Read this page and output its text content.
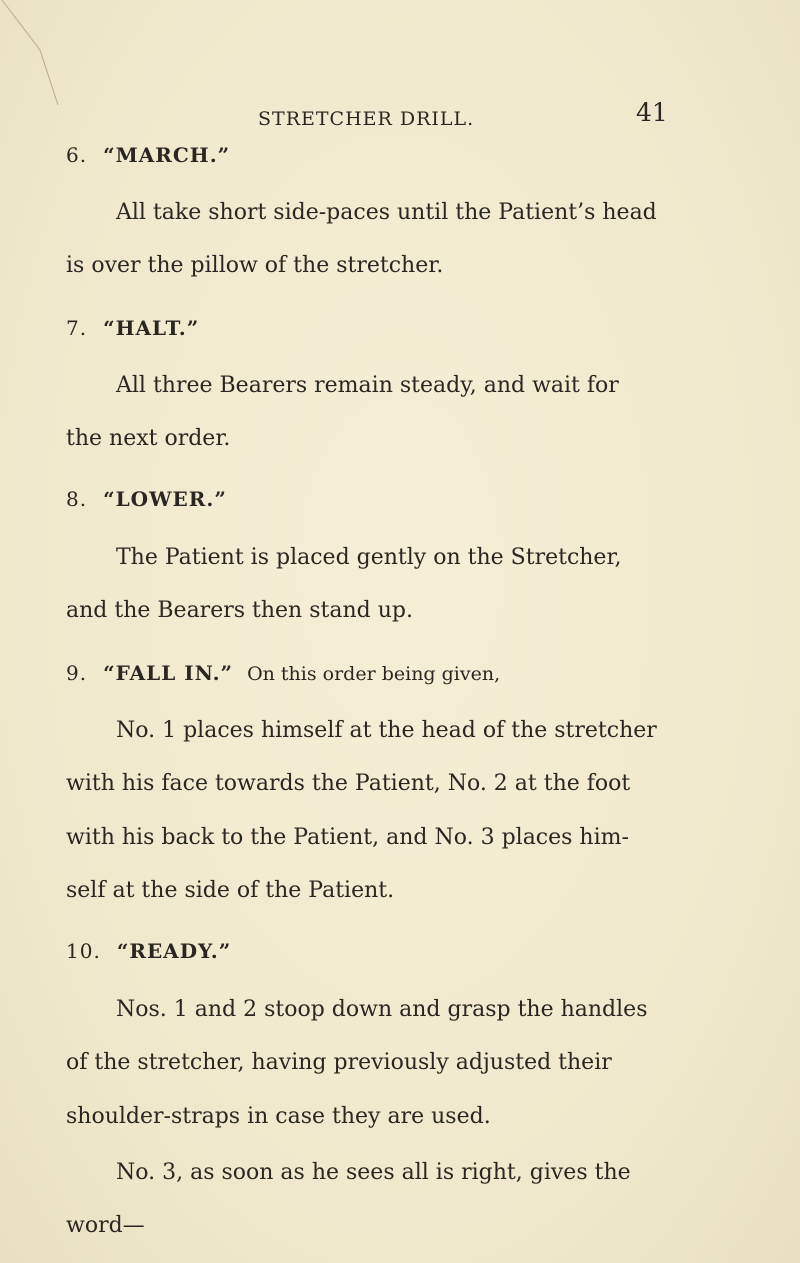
STRETCHER DRILL.	41
6. “MARCH.”
All take short side-paces until the Patient’s head
is over the pillow of the stretcher.
7. “HALT.”
All three Bearers remain steady, and wait for
the next order.
8. “LOWER.”
The Patient is placed gently on the Stretcher,
and the Bearers then stand up.
9. “FALL IN.” On this order being given,
No. 1 places himself at the head of the stretcher
with his face towards the Patient, No. 2 at the foot
with his back to the Patient, and No. 3 places him-
self at the side of the Patient.
10. “READY.”
Nos. 1 and 2 stoop down and grasp the handles
of the stretcher, having previously adjusted their
shoulder-straps in case they are used.
No. 3, as soon as he sees all is right, gives the
word—
